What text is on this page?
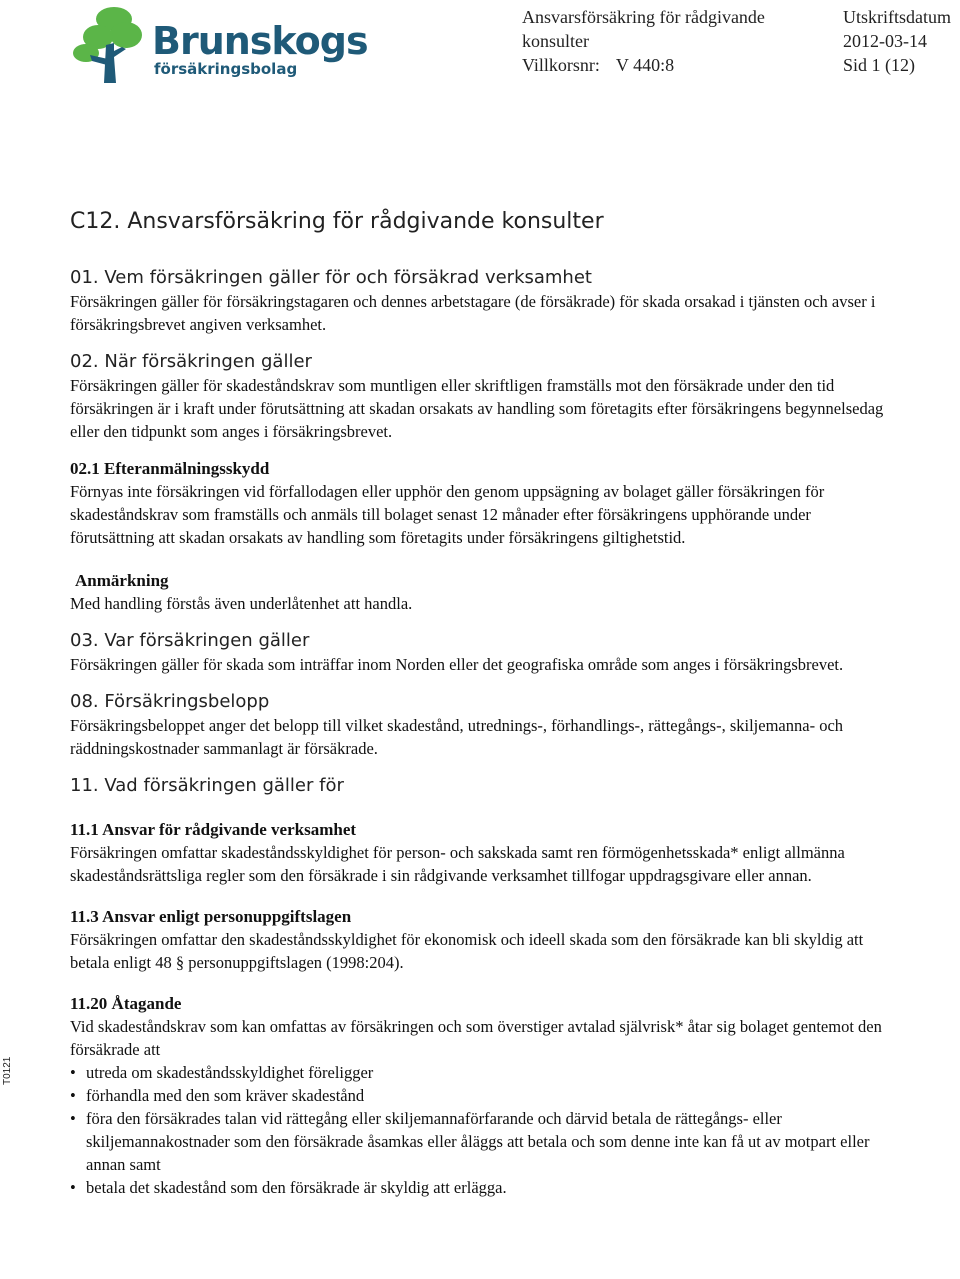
Brunskogs
försäkringsbolag
Ansvarsförsäkring för rådgivande
konsulter
Villkorsnr: V 440:8
Utskriftsdatum
2012-03-14
Sid 1 (12)
T0121
C12. Ansvarsförsäkring för rådgivande konsulter
01. Vem försäkringen gäller för och försäkrad verksamhet

Försäkringen gäller för försäkringstagaren och dennes arbetstagare (de försäkrade) för skada orsakad i tjänsten och avser i försäkringsbrevet angiven verksamhet.

02. När försäkringen gäller

Försäkringen gäller för skadeståndskrav som muntligen eller skriftligen framställs mot den försäkrade under den tid försäkringen är i kraft under förutsättning att skadan orsakats av handling som företagits efter försäkringens begynnelsedag eller den tidpunkt som anges i försäkringsbrevet.

02.1 Efteranmälningsskydd

Förnyas inte försäkringen vid förfallodagen eller upphör den genom uppsägning av bolaget gäller försäkringen för skadeståndskrav som framställs och anmäls till bolaget senast 12 månader efter försäkringens upphörande under förutsättning att skadan orsakats av handling som företagits under försäkringens giltighetstid.

Anmärkning

Med handling förstås även underlåtenhet att handla.

03. Var försäkringen gäller

Försäkringen gäller för skada som inträffar inom Norden eller det geografiska område som anges i försäkringsbrevet.

08. Försäkringsbelopp

Försäkringsbeloppet anger det belopp till vilket skadestånd, utrednings-, förhandlings-, rättegångs-, skiljemanna- och räddningskostnader sammanlagt är försäkrade.

11. Vad försäkringen gäller för
11.1 Ansvar för rådgivande verksamhet

Försäkringen omfattar skadeståndsskyldighet för person- och sakskada samt ren förmögenhetsskada* enligt allmänna skadeståndsrättsliga regler som den försäkrade i sin rådgivande verksamhet tillfogar uppdragsgivare eller annan.

11.3 Ansvar enligt personuppgiftslagen

Försäkringen omfattar den skadeståndsskyldighet för ekonomisk och ideell skada som den försäkrade kan bli skyldig att betala enligt 48 § personuppgiftslagen (1998:204).

11.20 Åtagande

Vid skadeståndskrav som kan omfattas av försäkringen och som överstiger avtalad självrisk* åtar sig bolaget gentemot den försäkrade att

• utreda om skadeståndsskyldighet föreligger
• förhandla med den som kräver skadestånd
• föra den försäkrades talan vid rättegång eller skiljemannaförfarande och därvid betala de rättegångs- eller skiljemannakostnader som den försäkrade åsamkas eller åläggs att betala och som denne inte kan få ut av motpart eller annan samt
• betala det skadestånd som den försäkrade är skyldig att erlägga.
